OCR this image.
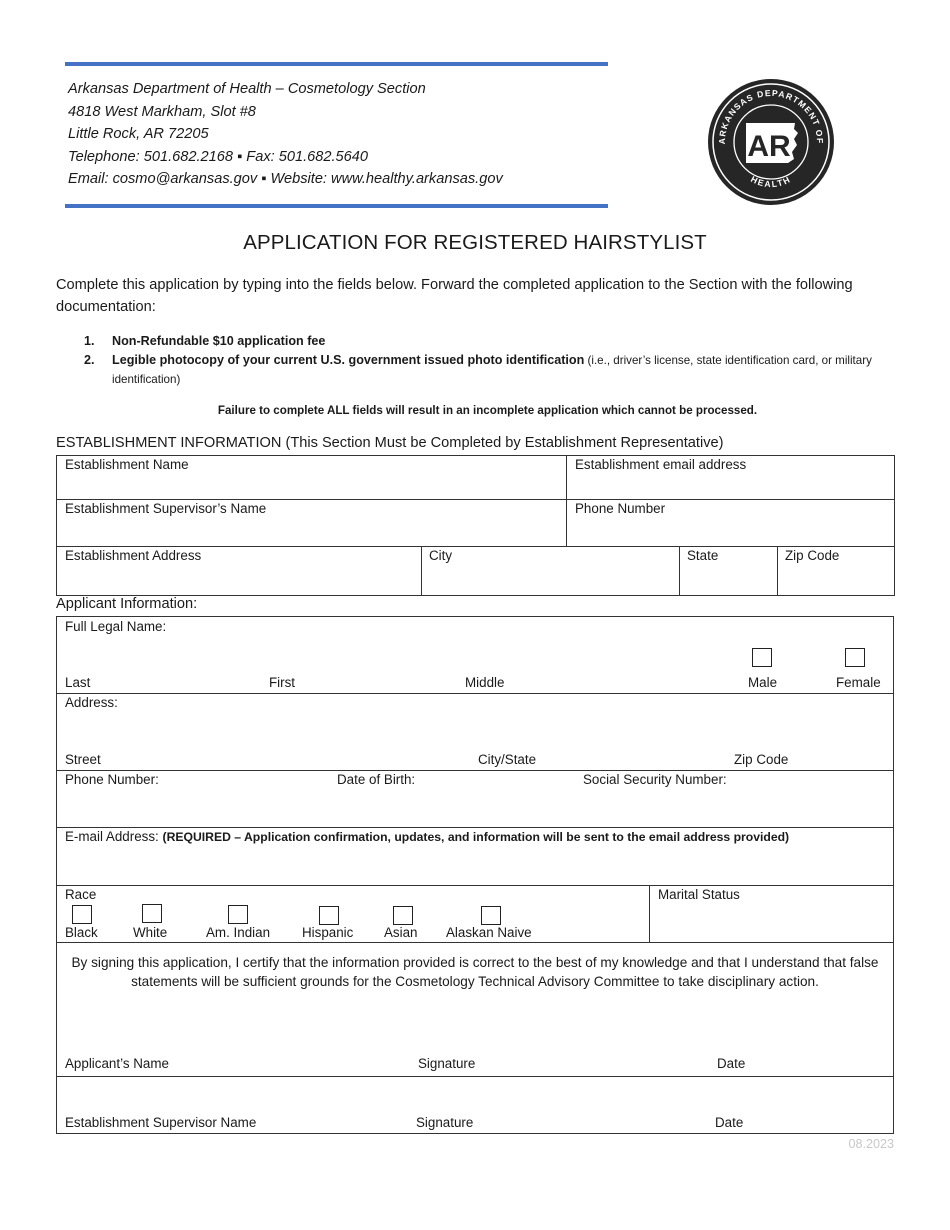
Arkansas Department of Health – Cosmetology Section
4818 West Markham, Slot #8
Little Rock, AR 72205
Telephone: 501.682.2168 ▪ Fax: 501.682.5640
Email: cosmo@arkansas.gov ▪ Website: www.healthy.arkansas.gov
ARKANSAS DEPARTMENT OF
HEALTH
AR
APPLICATION FOR REGISTERED HAIRSTYLIST
Complete this application by typing into the fields below. Forward the completed application to the Section with the following documentation:
1. Non-Refundable $10 application fee
2. Legible photocopy of your current U.S. government issued photo identification (i.e., driver’s license, state identification card, or military identification)
Failure to complete ALL fields will result in an incomplete application which cannot be processed.
ESTABLISHMENT INFORMATION (This Section Must be Completed by Establishment Representative)
Establishment Name	Establishment email address
Establishment Supervisor’s Name	Phone Number
Establishment Address	City	State	Zip Code
Applicant Information:
Full Legal Name:
Last	First	Middle	Male	Female
Address:
Street	City/State	Zip Code
Phone Number:	Date of Birth:	Social Security Number:
E-mail Address: (REQUIRED – Application confirmation, updates, and information will be sent to the email address provided)
Race
Black	White	Am. Indian Hispanic Asian Alaskan Naive
Marital Status
By signing this application, I certify that the information provided is correct to the best of my knowledge and that I understand that false statements will be sufficient grounds for the Cosmetology Technical Advisory Committee to take disciplinary action.
Applicant’s Name	Signature	Date
Establishment Supervisor Name	Signature	Date
08.2023
